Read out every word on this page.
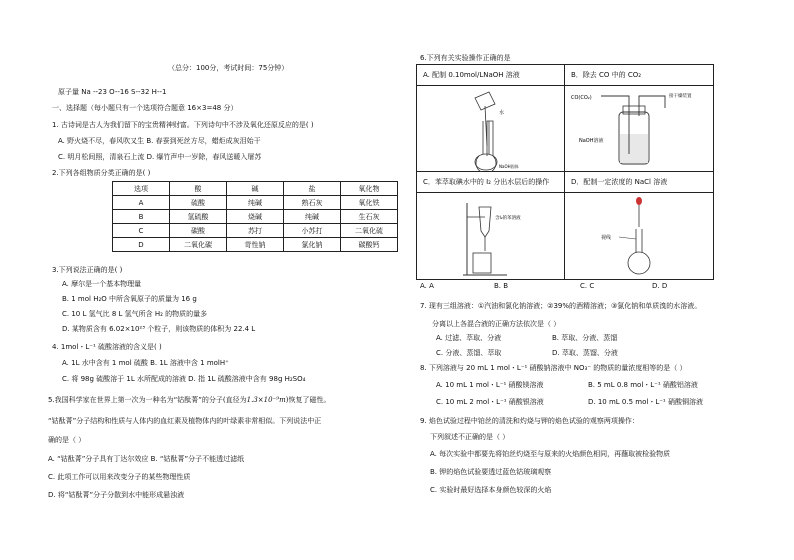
（总分：100分，考试时间：75分钟）
原子量 Na --23 O--16 S--32 H--1
一、选择题（每小题只有一个选项符合题意 16×3=48 分）
1. 古诗词是古人为我们留下的宝贵精神财富。下列诗句中不涉及氧化还原反应的是( )
A. 野火烧不尽，春风吹又生 B. 春蚕到死丝方尽，蜡炬成灰泪始干
C. 明月松间照，清泉石上流 D. 爆竹声中一岁除，春风送暖入屠苏
2.下列各组物质分类正确的是( )
选项	酸	碱	盐	氧化物
A	硫酸	纯碱	熟石灰	氧化铁
B	氢硫酸	烧碱	纯碱	生石灰
C	碳酸	苏打	小苏打	二氧化硫
D	二氧化碳	苛性钠	氯化钠	碳酸钙
3.下列说法正确的是( )
A. 摩尔是一个基本物理量
B. 1 mol H₂O 中所含氧原子的质量为 16 g
C. 10 L 氢气比 8 L 氢气所含 H₂ 的物质的量多
D. 某物质含有 6.02×10²³ 个粒子，则该物质的体积为 22.4 L
4. 1mol・L⁻¹ 硫酸溶液的含义是( )
A. 1L 水中含有 1 mol 硫酸 B. 1L 溶液中含 1 molH⁺
C. 将 98g 硫酸溶于 1L 水所配成的溶液 D. 指 1L 硫酸溶液中含有 98g H₂SO₄
5.我国科学家在世界上第一次为一种名为“钴酞菁”的分子(直径为1.3×10⁻⁹m)恢复了磁性。
“钴酞菁”分子结构和性质与人体内的血红素及植物体内的叶绿素非常相似。下列说法中正
确的是（ ）
A. “钴酞菁”分子具有丁达尔效应 B. “钴酞菁”分子不能透过滤纸
C. 此项工作可以用来改变分子的某些物理性质
D. 将“钴酞菁”分子分散到水中能形成悬浊液
6.下列有关实验操作正确的是
A. 配制 0.10mol/LNaOH 溶液
水
NaOH固体
B．除去 CO 中的 CO₂
CO(CO₂)	接干燥装置
NaOH溶液
C．苯萃取碘水中的 I₂ 分出水层后的操作
含I₂的苯溶液
D．配制一定浓度的 NaCl 溶液
视线
A. A	B. B	C. C	D. D
7. 现有三组溶液：①汽油和氯化钠溶液；②39%的酒精溶液；③氯化钠和单质溴的水溶液。
分离以上各混合液的正确方法依次是（ ）
A. 过滤、萃取、分液	B. 萃取、分液、蒸馏
C. 分液、蒸馏、萃取	D. 萃取、蒸馏、分液
8. 下列溶液与 20 mL 1 mol・L⁻¹ 硝酸钠溶液中 NO₃⁻ 的物质的量浓度相等的是（ ）
A. 10 mL 1 mol・L⁻¹ 硝酸镁溶液	B. 5 mL 0.8 mol・L⁻¹ 硝酸铝溶液
C. 10 mL 2 mol・L⁻¹ 硝酸银溶液	D. 10 mL 0.5 mol・L⁻¹ 硝酸铜溶液
9. 焰色试验过程中铂丝的清洗和灼烧与钾的焰色试验的观察两项操作：
下列叙述不正确的是（ ）
A. 每次实验中都要先将铂丝灼烧至与原来的火焰颜色相同，再蘸取被检验物质
B. 钾的焰色试验要透过蓝色钴玻璃观察
C. 实验时最好选择本身颜色较深的火焰
